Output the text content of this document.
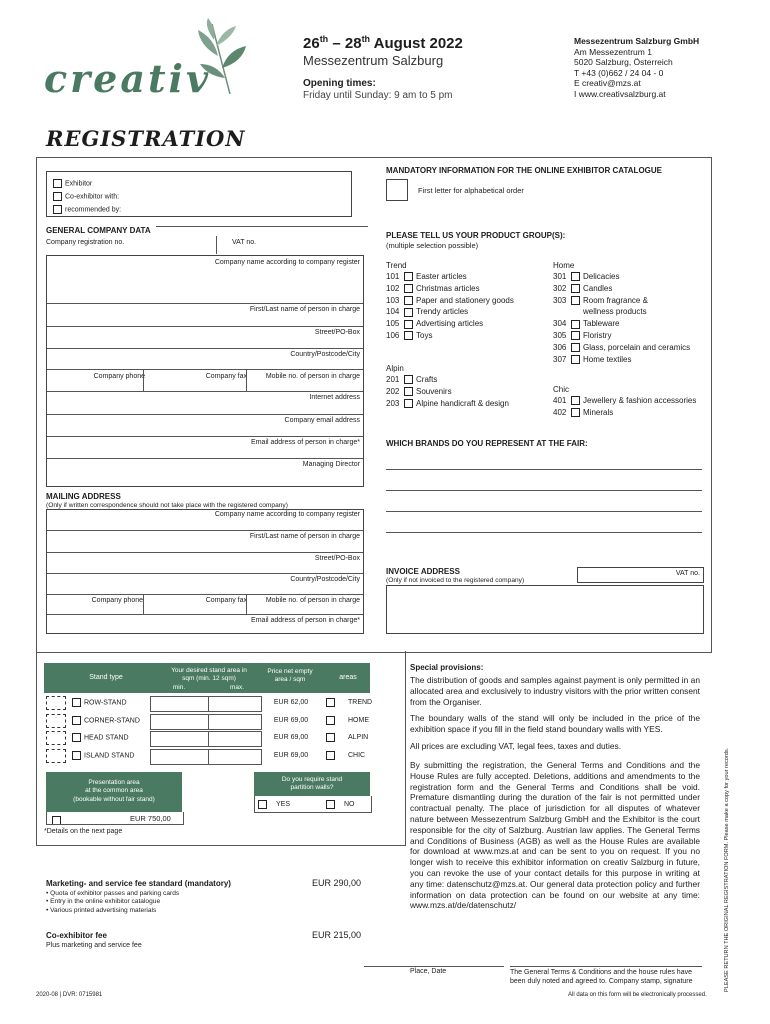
creativ
26th – 28th August 2022
Messezentrum Salzburg
Opening times:
Friday until Sunday: 9 am to 5 pm
Messezentrum Salzburg GmbH
Am Messezentrum 1
5020 Salzburg, Österreich
T +43 (0)662 / 24 04 - 0
E creativ@mzs.at
I www.creativsalzburg.at
REGISTRATION
Exhibitor
Co-exhibitor with:
recommended by:
GENERAL COMPANY DATA
Company registration no.	VAT no.
Company name according to company register
First/Last name of person in charge
Street/PO-Box
Country/Postcode/City
Company phone	Company fax	Mobile no. of person in charge
Internet address
Company email address
Email address of person in charge*
Managing Director
MAILING ADDRESS
(Only if written correspondence should not take place with the registered company)
Company name according to company register
First/Last name of person in charge
Street/PO-Box
Country/Postcode/City
Company phone	Company fax	Mobile no. of person in charge
Email address of person in charge*
MANDATORY INFORMATION FOR THE ONLINE EXHIBITOR CATALOGUE
First letter for alphabetical order
PLEASE TELL US YOUR PRODUCT GROUP(S):
(multiple selection possible)
Trend
101 Easter articles
102 Christmas articles
103 Paper and stationery goods
104 Trendy articles
105 Advertising articles
106 Toys
Alpin
201 Crafts
202 Souvenirs
203 Alpine handicraft & design
Home
301 Delicacies
302 Candles
303 Room fragrance &
wellness products
304 Tableware
305 Floristry
306 Glass, porcelain and ceramics
307 Home textiles
Chic
401 Jewellery & fashion accessories
402 Minerals
WHICH BRANDS DO YOU REPRESENT AT THE FAIR:
INVOICE ADDRESS
(Only if not invoiced to the registered company)
VAT no.
Stand type
Your desired stand area in
sqm (min. 12 sqm)
min.	max.
Price net empty
area / sqm	areas
ROW-STAND	EUR 62,00	TREND
CORNER-STAND	EUR 69,00	HOME
HEAD STAND	EUR 69,00	ALPIN
ISLAND STAND	EUR 69,00	CHIC
Presentation area
at the common area
(bookable without fair stand)
EUR 750,00
Do you require stand
partition walls?
YES	NO
*Details on the next page
Marketing- and service fee standard (mandatory)	EUR 290,00
• Quota of exhibitor passes and parking cards
• Entry in the online exhibitor catalogue
• Various printed advertising materials
Co-exhibitor fee	EUR 215,00
Plus marketing and service fee
Special provisions:
The distribution of goods and samples against payment is only permitted in an allocated area and exclusively to industry visitors with the prior written consent from the Organiser.
The boundary walls of the stand will only be included in the price of the exhibition space if you fill in the field stand boundary walls with YES.
All prices are excluding VAT, legal fees, taxes and duties.
By submitting the registration, the General Terms and Conditions and the House Rules are fully accepted. Deletions, additions and amendments to the registration form and the General Terms and Conditions shall be void. Premature dismantling during the duration of the fair is not permitted under contractual penalty. The place of jurisdiction for all disputes of whatever nature between Messezentrum Salzburg GmbH and the Exhibitor is the court responsible for the city of Salzburg. Austrian law applies. The General Terms and Conditions of Business (AGB) as well as the House Rules are available for download at www.mzs.at and can be sent to you on request. If you no longer wish to receive this exhibitor information on creativ Salzburg in future, you can revoke the use of your contact details for this purpose in writing at any time: datenschutz@mzs.at. Our general data protection policy and further information on data protection can be found on our website at any time: www.mzs.at/de/datenschutz/
Place, Date	The General Terms & Conditions and the house rules have
been duly noted and agreed to. Company stamp, signature
2020-08 | DVR: 0715981	All data on this form will be electronically processed.
PLEASE RETURN THE ORIGINAL REGISTRATION FORM. Please make a copy for your records.
